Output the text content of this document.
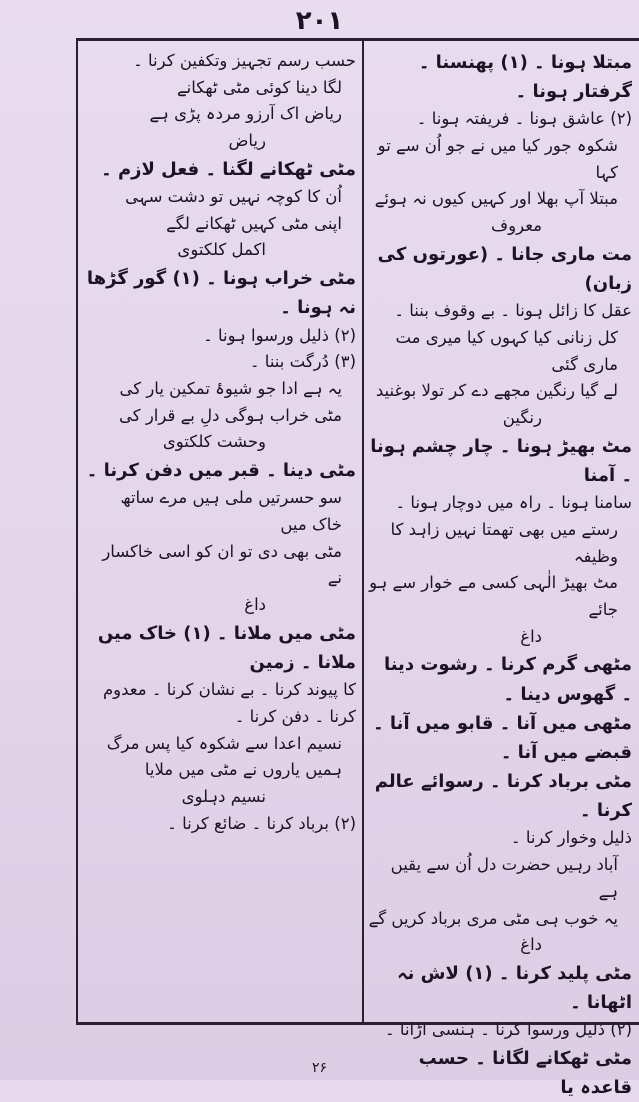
۲۰۱

مبتلا ہونا ۔ (۱) پھنسنا ۔ گرفتار ہونا ۔

(۲) عاشق ہونا ۔ فریفتہ ہونا ۔

شکوہ جور کیا میں نے جو اُن سے تو کہا

مبتلا آپ بھلا اور کہیں کیوں نہ ہوئے

معروف

مت ماری جانا ۔ (عورتوں کی زبان)

عقل کا زائل ہونا ۔ بے وقوف بننا ۔

کل زنانی کیا کہوں کیا میری مت ماری گئی

لے گیا رنگین مجھے دے کر تولا بوغنید

رنگین

مٹ بھیڑ ہونا ۔ چار چشم ہونا ۔ آمنا

سامنا ہونا ۔ راہ میں دوچار ہونا ۔

رستے میں بھی تھمتا نہیں زاہد کا وظیفہ

مٹ بھیڑ الٰہی کسی مے خوار سے ہو جائے

داغ

مٹھی گرم کرنا ۔ رشوت دینا ۔ گھوس دینا ۔

مٹھی میں آنا ۔ قابو میں آنا ۔ قبضے میں آنا ۔

مٹی برباد کرنا ۔ رسوائے عالم کرنا ۔

ذلیل وخوار کرنا ۔

آباد رہیں حضرت دل اُن سے یقیں ہے

یہ خوب ہی مٹی مری برباد کریں گے

داغ

مٹی پلید کرنا ۔ (۱) لاش نہ اٹھانا ۔

(۲) ذلیل ورسوا کرنا ۔ ہنسی اڑانا ۔

مٹی ٹھکانے لگانا ۔ حسب قاعدہ یا

حسب رسم تجہیز وتکفین کرنا ۔

لگا دینا کوئی مٹی ٹھکانے

ریاض اک آرزو مردہ پڑی ہے

ریاض

مٹی ٹھکانے لگنا ۔ فعل لازم ۔

اُن کا کوچہ نہیں تو دشت سہی

اپنی مٹی کہیں ٹھکانے لگے

اکمل کلکتوی

مٹی خراب ہونا ۔ (۱) گور گڑھا نہ ہونا ۔

(۲) ذلیل ورسوا ہونا ۔

(۳) دُرگت بننا ۔

یہ ہے ادا جو شیوۂ تمکین یار کی

مٹی خراب ہوگی دلِ بے قرار کی

وحشت کلکتوی

مٹی دینا ۔ قبر میں دفن کرنا ۔

سو حسرتیں ملی ہیں مرے ساتھ خاک میں

مٹی بھی دی تو ان کو اسی خاکسار نے

داغ

مٹی میں ملانا ۔ (۱) خاک میں ملانا ۔ زمین

کا پیوند کرنا ۔ بے نشان کرنا ۔ معدوم

کرنا ۔ دفن کرنا ۔

نسیم اعدا سے شکوہ کیا پس مرگ

ہمیں یاروں نے مٹی میں ملایا

نسیم دہلوی

(۲) برباد کرنا ۔ ضائع کرنا ۔

۲۶
